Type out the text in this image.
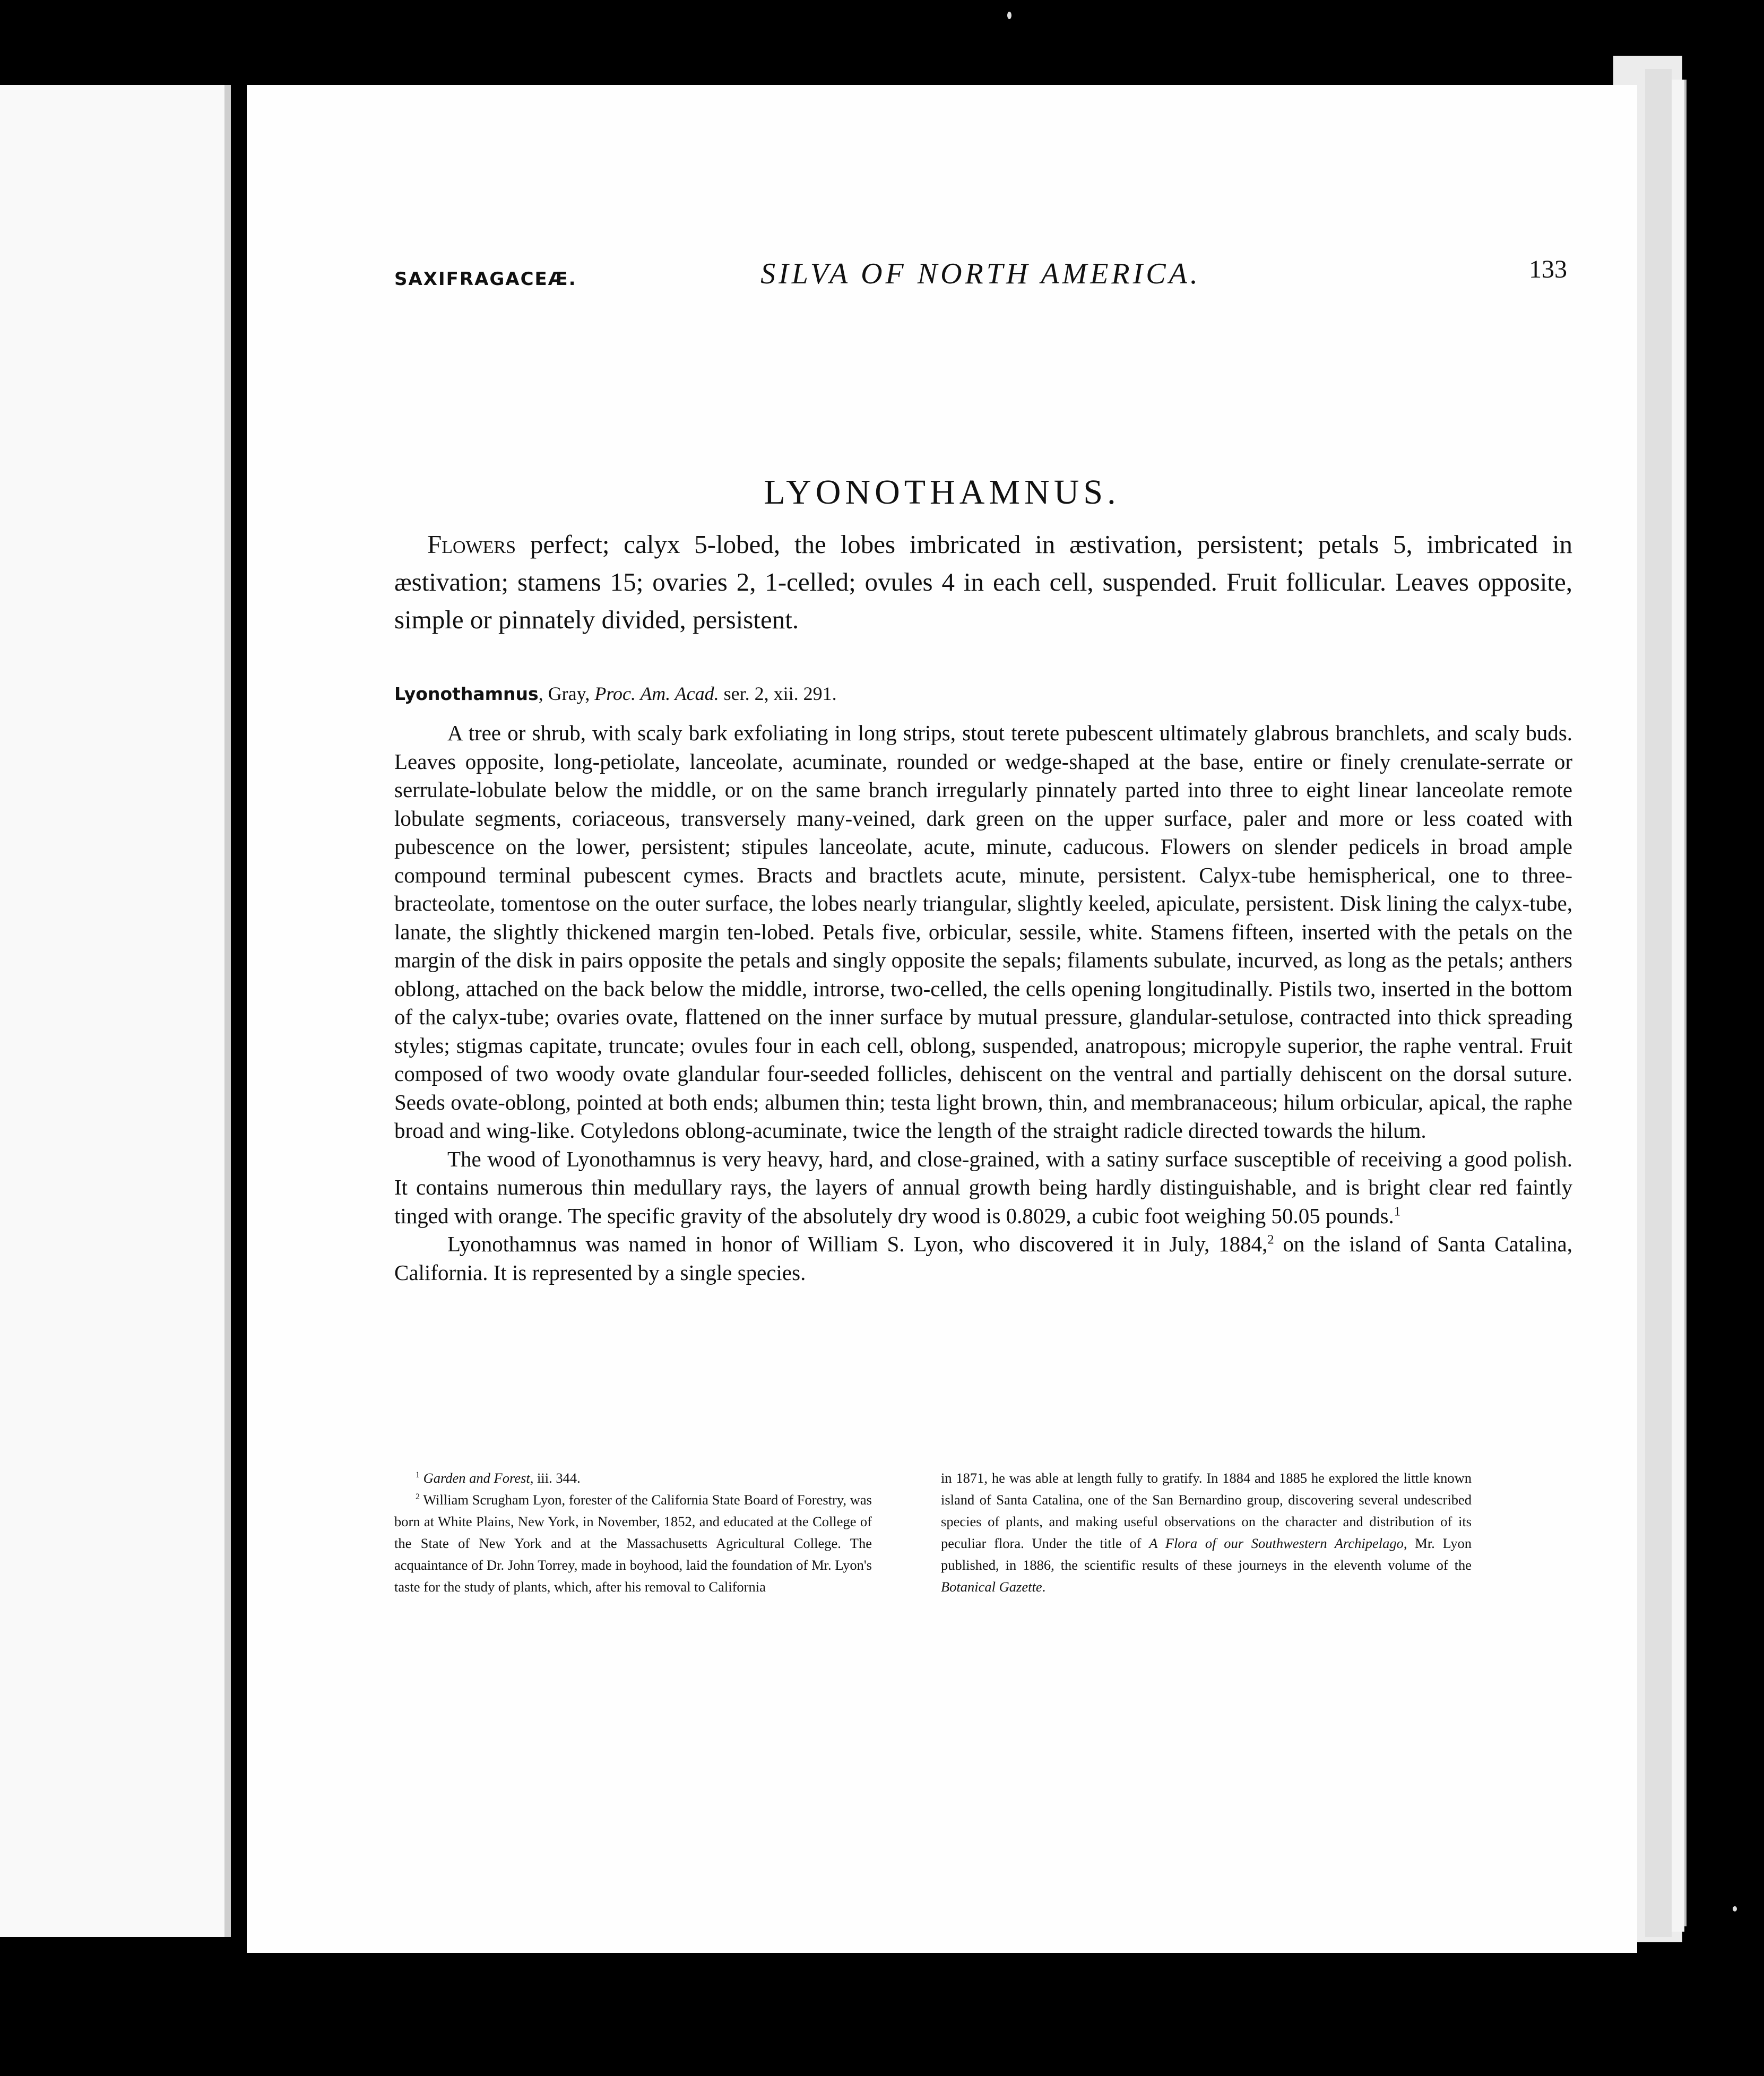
SAXIFRAGACEÆ.	SILVA OF NORTH AMERICA.	133
LYONOTHAMNUS.
Flowers perfect; calyx 5-lobed, the lobes imbricated in æstivation, persistent; petals 5, imbricated in æstivation; stamens 15; ovaries 2, 1-celled; ovules 4 in each cell, suspended. Fruit follicular. Leaves opposite, simple or pinnately divided, persistent.
Lyonothamnus, Gray, Proc. Am. Acad. ser. 2, xii. 291.

A tree or shrub, with scaly bark exfoliating in long strips, stout terete pubescent ultimately glabrous branchlets, and scaly buds. Leaves opposite, long-petiolate, lanceolate, acuminate, rounded or wedge-shaped at the base, entire or finely crenulate-serrate or serrulate-lobulate below the middle, or on the same branch irregularly pinnately parted into three to eight linear lanceolate remote lobulate segments, coriaceous, transversely many-veined, dark green on the upper surface, paler and more or less coated with pubescence on the lower, persistent; stipules lanceolate, acute, minute, caducous. Flowers on slender pedicels in broad ample compound terminal pubescent cymes. Bracts and bractlets acute, minute, persistent. Calyx-tube hemispherical, one to three-bracteolate, tomentose on the outer surface, the lobes nearly triangular, slightly keeled, apiculate, persistent. Disk lining the calyx-tube, lanate, the slightly thickened margin ten-lobed. Petals five, orbicular, sessile, white. Stamens fifteen, inserted with the petals on the margin of the disk in pairs opposite the petals and singly opposite the sepals; filaments subulate, incurved, as long as the petals; anthers oblong, attached on the back below the middle, introrse, two-celled, the cells opening longitudinally. Pistils two, inserted in the bottom of the calyx-tube; ovaries ovate, flattened on the inner surface by mutual pressure, glandular-setulose, contracted into thick spreading styles; stigmas capitate, truncate; ovules four in each cell, oblong, suspended, anatropous; micropyle superior, the raphe ventral. Fruit composed of two woody ovate glandular four-seeded follicles, dehiscent on the ventral and partially dehiscent on the dorsal suture. Seeds ovate-oblong, pointed at both ends; albumen thin; testa light brown, thin, and membranaceous; hilum orbicular, apical, the raphe broad and wing-like. Cotyledons oblong-acuminate, twice the length of the straight radicle directed towards the hilum.

The wood of Lyonothamnus is very heavy, hard, and close-grained, with a satiny surface susceptible of receiving a good polish. It contains numerous thin medullary rays, the layers of annual growth being hardly distinguishable, and is bright clear red faintly tinged with orange. The specific gravity of the absolutely dry wood is 0.8029, a cubic foot weighing 50.05 pounds.$^1$

Lyonothamnus was named in honor of William S. Lyon, who discovered it in July, 1884,$^2$ on the island of Santa Catalina, California. It is represented by a single species.

$^1$ Garden and Forest, iii. 344.

$^2$ William Scrugham Lyon, forester of the California State Board of Forestry, was born at White Plains, New York, in November, 1852, and educated at the College of the State of New York and at the Massachusetts Agricultural College. The acquaintance of Dr. John Torrey, made in boyhood, laid the foundation of Mr. Lyon's taste for the study of plants, which, after his removal to California

in 1871, he was able at length fully to gratify. In 1884 and 1885 he explored the little known island of Santa Catalina, one of the San Bernardino group, discovering several undescribed species of plants, and making useful observations on the character and distribution of its peculiar flora. Under the title of A Flora of our Southwestern Archipelago, Mr. Lyon published, in 1886, the scientific results of these journeys in the eleventh volume of the Botanical Gazette.
